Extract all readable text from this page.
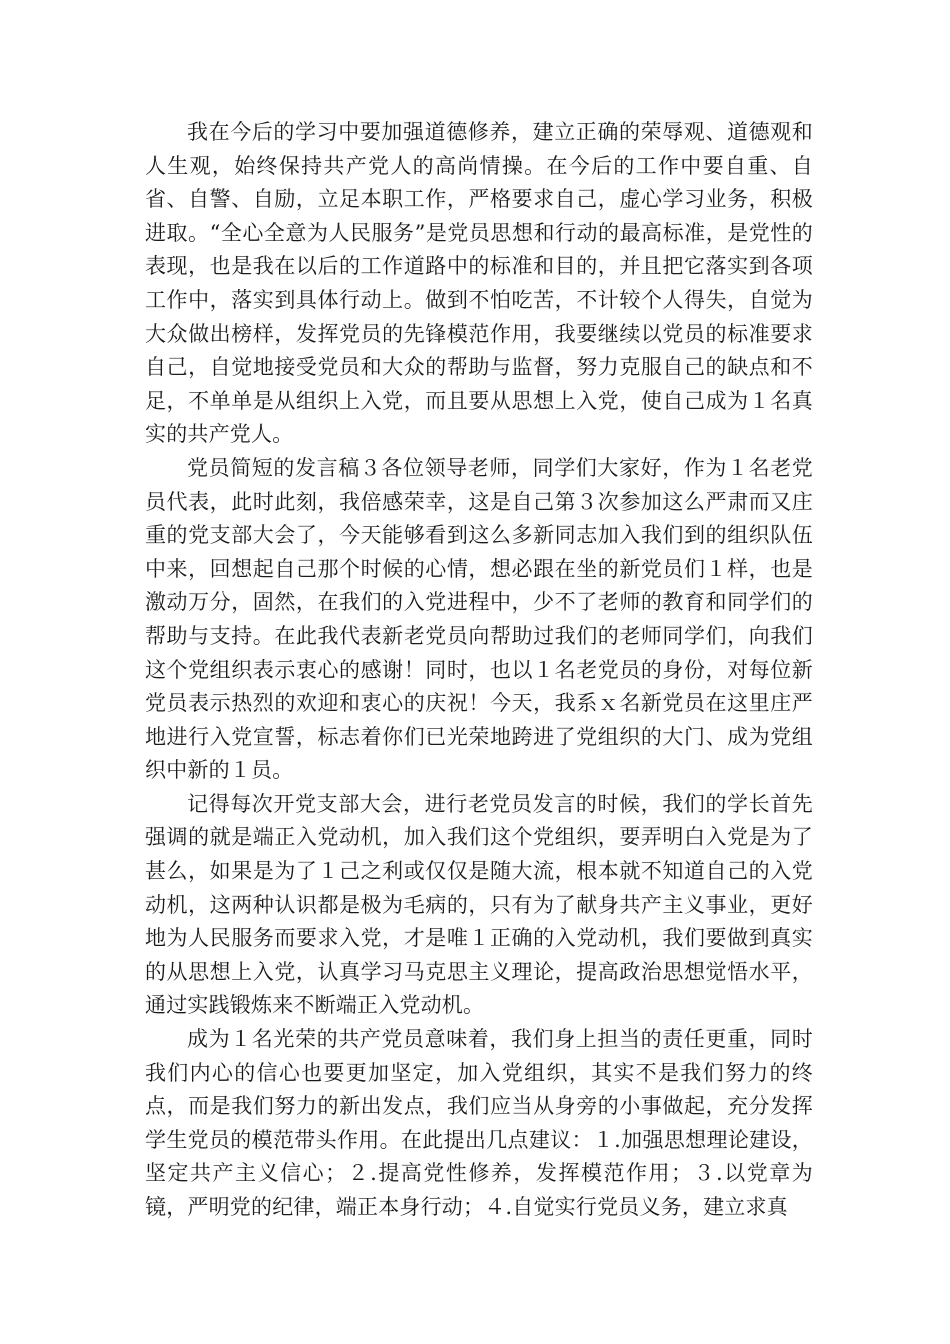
我在今后的学习中要加强道德修养，建立正确的荣辱观、道德观和人生观，始终保持共产党人的高尚情操。在今后的工作中要自重、自省、自警、自励，立足本职工作，严格要求自己，虚心学习业务，积极进取。“全心全意为人民服务”是党员思想和行动的最高标准，是党性的表现，也是我在以后的工作道路中的标准和目的，并且把它落实到各项工作中，落实到具体行动上。做到不怕吃苦，不计较个人得失，自觉为大众做出榜样，发挥党员的先锋模范作用，我要继续以党员的标准要求自己，自觉地接受党员和大众的帮助与监督，努力克服自己的缺点和不足，不单单是从组织上入党，而且要从思想上入党，使自己成为１名真实的共产党人。

党员简短的发言稿３各位领导老师，同学们大家好，作为１名老党员代表，此时此刻，我倍感荣幸，这是自己第３次参加这么严肃而又庄重的党支部大会了，今天能够看到这么多新同志加入我们到的组织队伍中来，回想起自己那个时候的心情，想必跟在坐的新党员们１样，也是激动万分，固然，在我们的入党进程中，少不了老师的教育和同学们的帮助与支持。在此我代表新老党员向帮助过我们的老师同学们，向我们这个党组织表示衷心的感谢！同时，也以１名老党员的身份，对每位新党员表示热烈的欢迎和衷心的庆祝！今天，我系ｘ名新党员在这里庄严地进行入党宣誓，标志着你们已光荣地跨进了党组织的大门、成为党组织中新的１员。

记得每次开党支部大会，进行老党员发言的时候，我们的学长首先强调的就是端正入党动机，加入我们这个党组织，要弄明白入党是为了甚么，如果是为了１己之利或仅仅是随大流，根本就不知道自己的入党动机，这两种认识都是极为毛病的，只有为了献身共产主义事业，更好地为人民服务而要求入党，才是唯１正确的入党动机，我们要做到真实的从思想上入党，认真学习马克思主义理论，提高政治思想觉悟水平，通过实践锻炼来不断端正入党动机。

成为１名光荣的共产党员意味着，我们身上担当的责任更重，同时我们内心的信心也要更加坚定，加入党组织，其实不是我们努力的终点，而是我们努力的新出发点，我们应当从身旁的小事做起，充分发挥学生党员的模范带头作用。在此提出几点建议：１.加强思想理论建设，坚定共产主义信心；２.提高党性修养，发挥模范作用；３.以党章为镜，严明党的纪律，端正本身行动；４.自觉实行党员义务，建立求真
